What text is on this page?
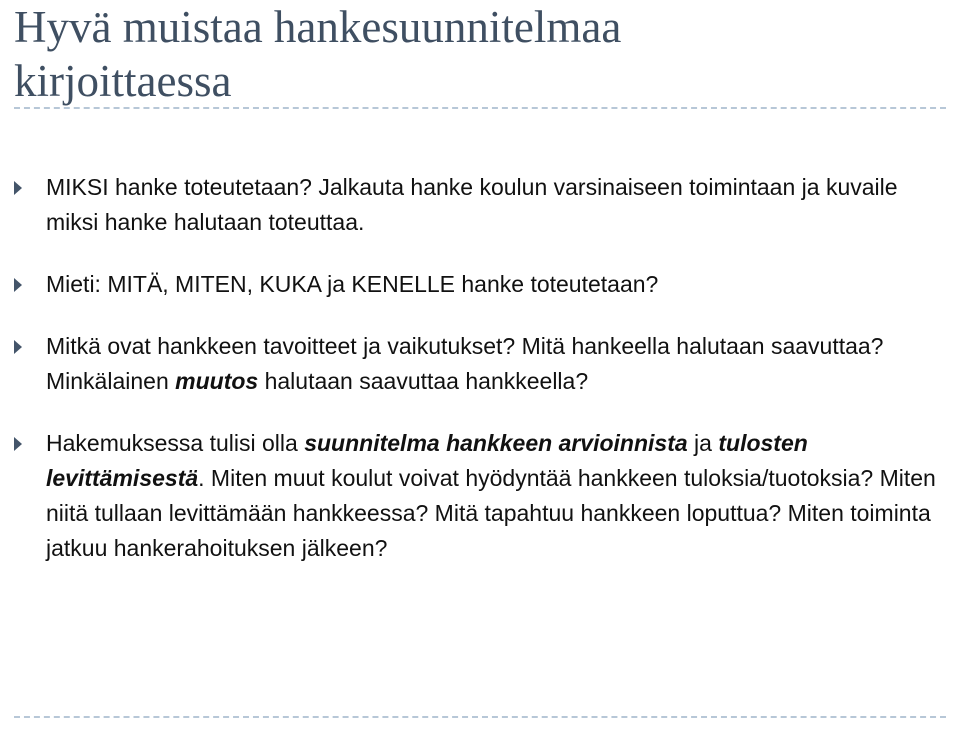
Hyvä muistaa hankesuunnitelmaa
kirjoittaessa
MIKSI hanke toteutetaan? Jalkauta hanke koulun varsinaiseen toimintaan ja kuvaile miksi hanke halutaan toteuttaa.
Mieti: MITÄ, MITEN, KUKA ja KENELLE hanke toteutetaan?
Mitkä ovat hankkeen tavoitteet ja vaikutukset? Mitä hankeella halutaan saavuttaa? Minkälainen muutos halutaan saavuttaa hankkeella?
Hakemuksessa tulisi olla suunnitelma hankkeen arvioinnista ja tulosten levittämisestä. Miten muut koulut voivat hyödyntää hankkeen tuloksia/tuotoksia? Miten niitä tullaan levittämään hankkeessa? Mitä tapahtuu hankkeen loputtua? Miten toiminta jatkuu hankerahoituksen jälkeen?
